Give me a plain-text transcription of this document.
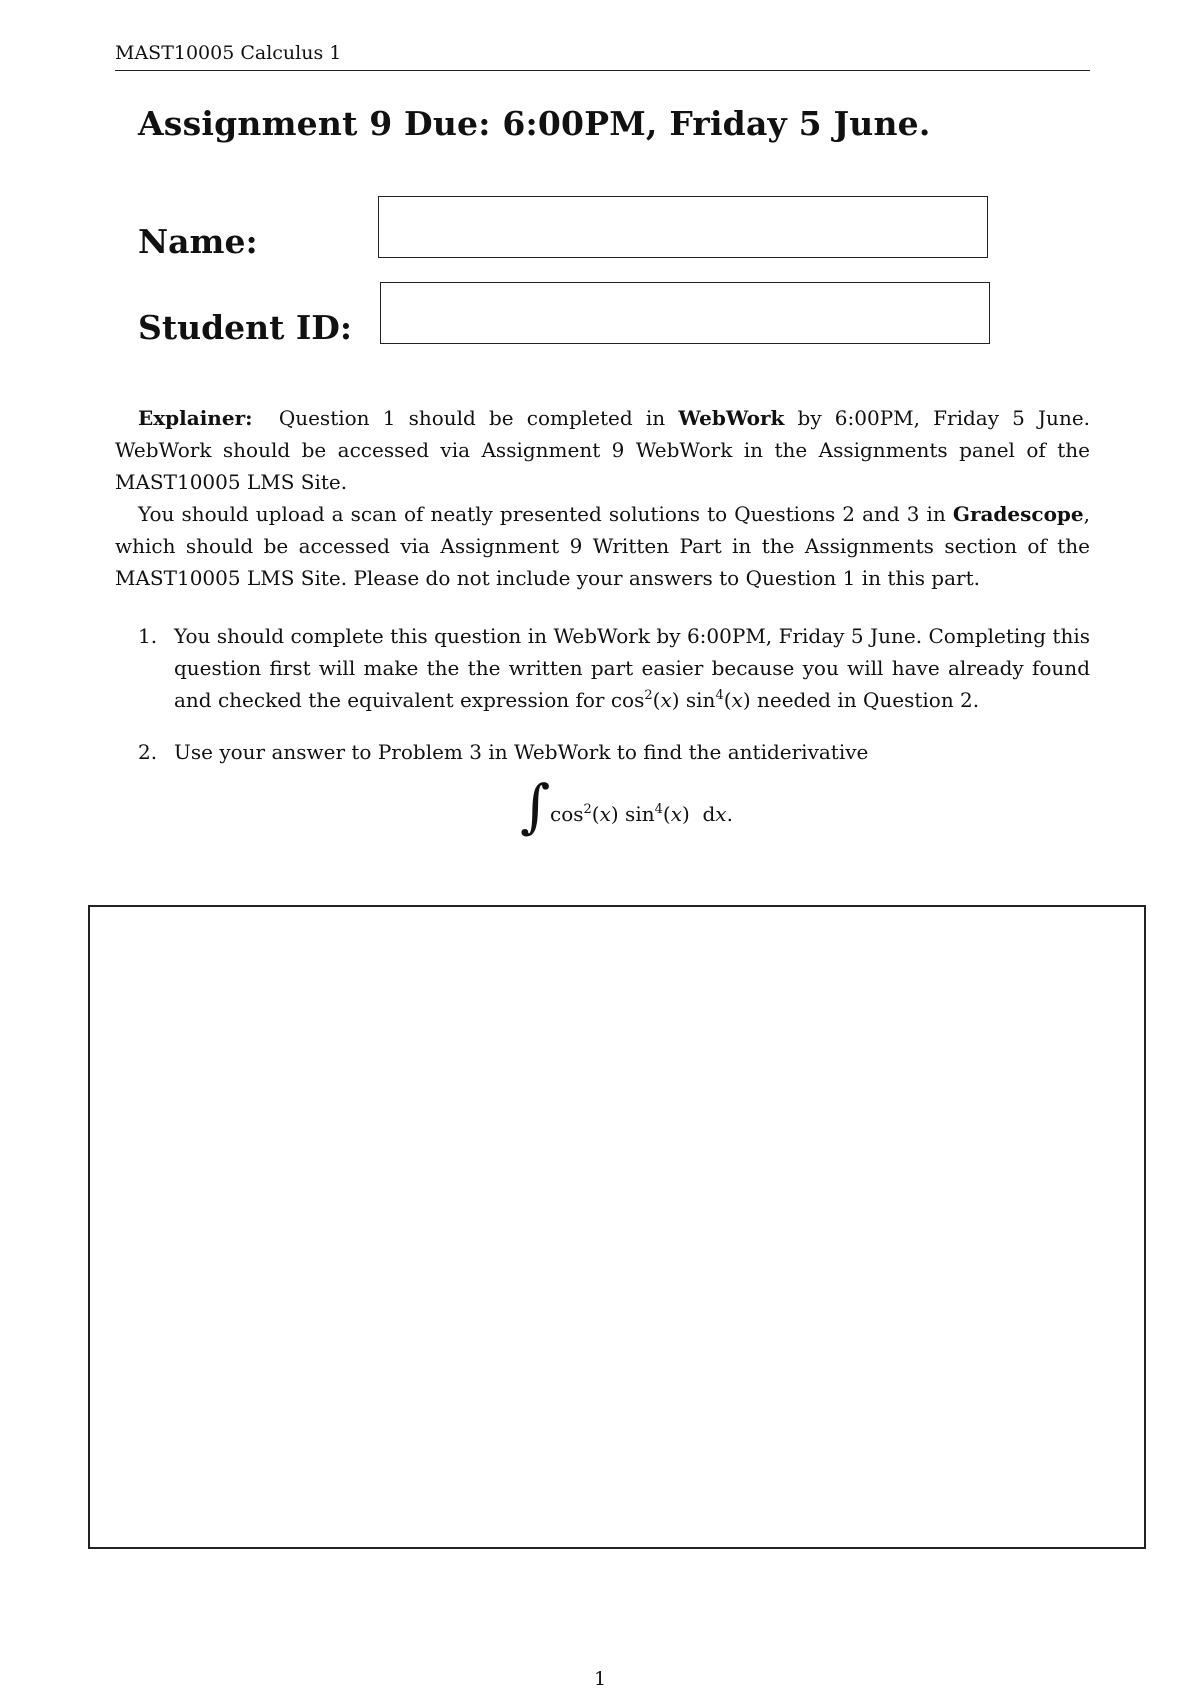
MAST10005 Calculus 1
Assignment 9 Due: 6:00PM, Friday 5 June.
Name:
Student ID:
Explainer: Question 1 should be completed in WebWork by 6:00PM, Friday 5 June. WebWork should be accessed via Assignment 9 WebWork in the Assignments panel of the MAST10005 LMS Site.
You should upload a scan of neatly presented solutions to Questions 2 and 3 in Gradescope, which should be accessed via Assignment 9 Written Part in the Assignments section of the MAST10005 LMS Site. Please do not include your answers to Question 1 in this part.
1. You should complete this question in WebWork by 6:00PM, Friday 5 June. Completing this question first will make the the written part easier because you will have already found and checked the equivalent expression for $\cos^2(x)$ $\sin^4(x)$ needed in Question 2.
2. Use your answer to Problem 3 in WebWork to find the antiderivative
∫ $\cos^2(x)$ $\sin^4(x)$  dx.
1
